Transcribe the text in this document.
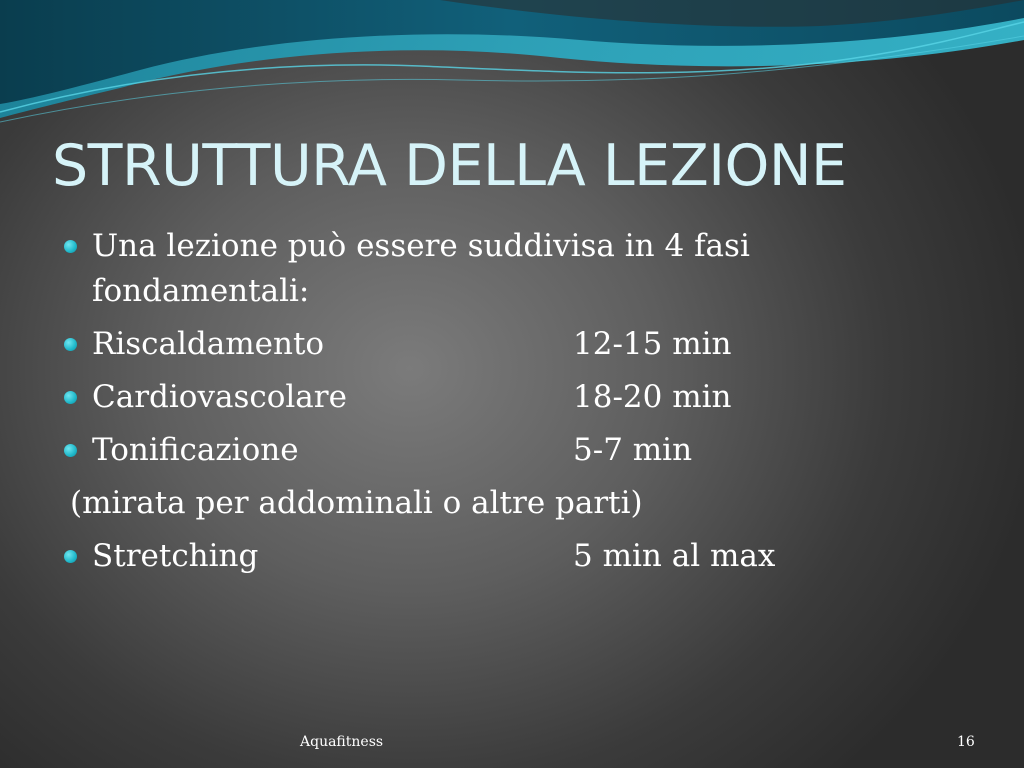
STRUTTURA DELLA LEZIONE
Una lezione può essere suddivisa in 4 fasi fondamentali:
Riscaldamento	12-15 min
Cardiovascolare	18-20 min
Tonificazione	5-7 min
(mirata per addominali o altre parti)
Stretching	5 min al max
Aquafitness	16
